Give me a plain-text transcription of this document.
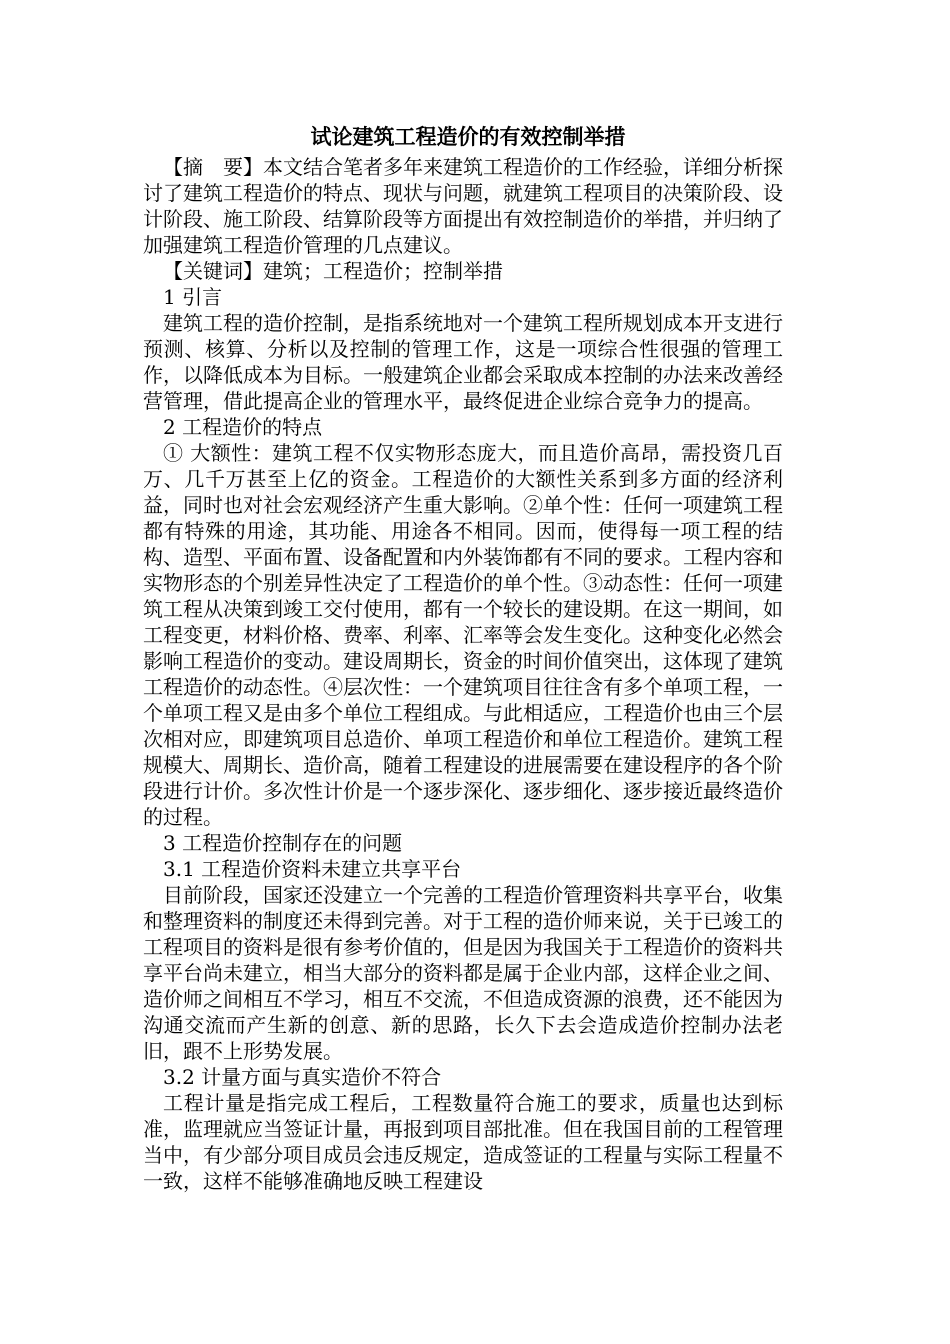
试论建筑工程造价的有效控制举措

【摘　要】本文结合笔者多年来建筑工程造价的工作经验，详细分析探讨了建筑工程造价的特点、现状与问题，就建筑工程项目的决策阶段、设计阶段、施工阶段、结算阶段等方面提出有效控制造价的举措，并归纳了加强建筑工程造价管理的几点建议。

【关键词】建筑；工程造价；控制举措

1 引言

建筑工程的造价控制，是指系统地对一个建筑工程所规划成本开支进行预测、核算、分析以及控制的管理工作，这是一项综合性很强的管理工作，以降低成本为目标。一般建筑企业都会采取成本控制的办法来改善经营管理，借此提高企业的管理水平，最终促进企业综合竞争力的提高。

2 工程造价的特点

① 大额性：建筑工程不仅实物形态庞大，而且造价高昂，需投资几百万、几千万甚至上亿的资金。工程造价的大额性关系到多方面的经济利益，同时也对社会宏观经济产生重大影响。②单个性：任何一项建筑工程都有特殊的用途，其功能、用途各不相同。因而，使得每一项工程的结构、造型、平面布置、设备配置和内外装饰都有不同的要求。工程内容和实物形态的个别差异性决定了工程造价的单个性。③动态性：任何一项建筑工程从决策到竣工交付使用，都有一个较长的建设期。在这一期间，如工程变更，材料价格、费率、利率、汇率等会发生变化。这种变化必然会影响工程造价的变动。建设周期长，资金的时间价值突出，这体现了建筑工程造价的动态性。④层次性：一个建筑项目往往含有多个单项工程，一个单项工程又是由多个单位工程组成。与此相适应，工程造价也由三个层次相对应，即建筑项目总造价、单项工程造价和单位工程造价。建筑工程规模大、周期长、造价高，随着工程建设的进展需要在建设程序的各个阶段进行计价。多次性计价是一个逐步深化、逐步细化、逐步接近最终造价的过程。

3 工程造价控制存在的问题

3.1 工程造价资料未建立共享平台

目前阶段，国家还没建立一个完善的工程造价管理资料共享平台，收集和整理资料的制度还未得到完善。对于工程的造价师来说，关于已竣工的工程项目的资料是很有参考价值的，但是因为我国关于工程造价的资料共享平台尚未建立，相当大部分的资料都是属于企业内部，这样企业之间、造价师之间相互不学习，相互不交流，不但造成资源的浪费，还不能因为沟通交流而产生新的创意、新的思路，长久下去会造成造价控制办法老旧，跟不上形势发展。

3.2 计量方面与真实造价不符合

工程计量是指完成工程后，工程数量符合施工的要求，质量也达到标准，监理就应当签证计量，再报到项目部批准。但在我国目前的工程管理当中，有少部分项目成员会违反规定，造成签证的工程量与实际工程量不一致，这样不能够准确地反映工程建设
